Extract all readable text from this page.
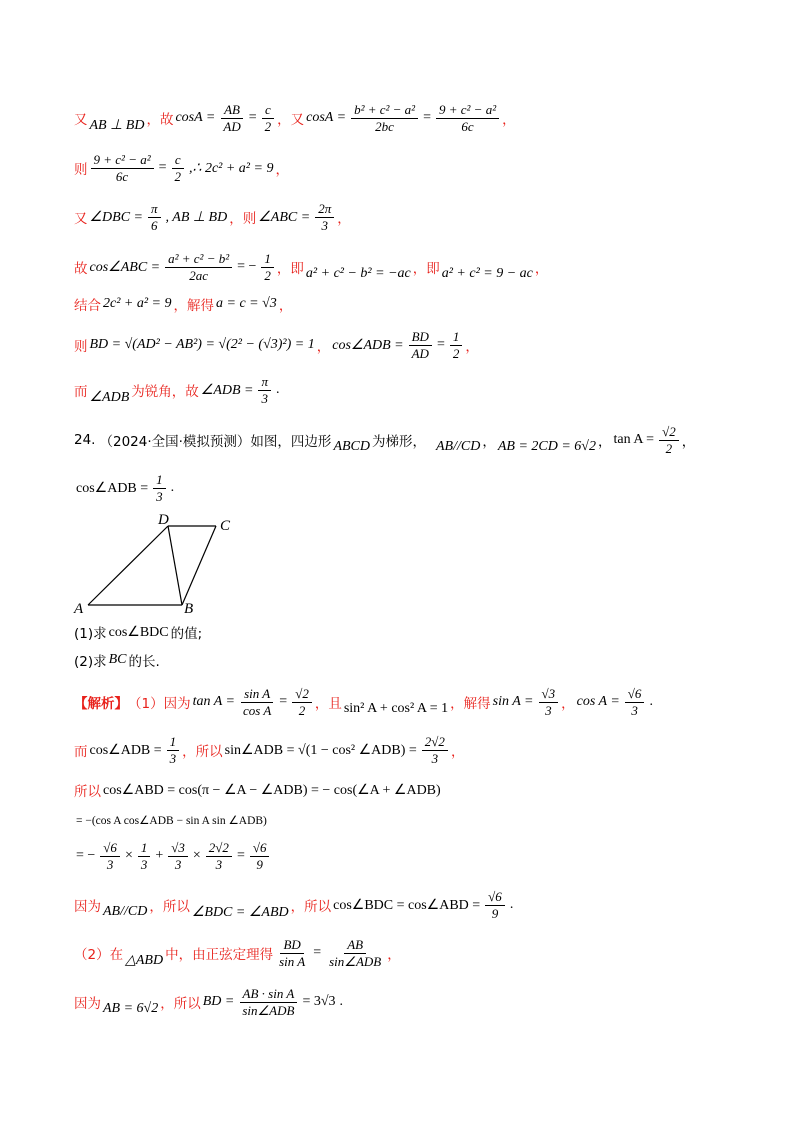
又 AB ⊥ BD ， 故 $\cos A = \frac{AB}{AD} = \frac{c}{2}$ ， 又 $\cos A = \frac{\text{b² + c² − a²}}{2bc} = \frac{\text{9 + c² − a²}}{6c}$ ，
则 $\frac{\text{9 + c² − a²}}{6c} = \frac{c}{2}$ ,∴ 2c² + a² = 9 ，
又 ∠DBC = $\frac{\pi}{6}$ , AB ⊥ BD ， 则 ∠ABC = $\frac{2\pi}{3}$ ，
故 cos∠ABC = $\frac{\text{a² + c² − b²}}{2ac}$ = − $\frac{1}{2}$ ， 即 a² + c² − b² = −ac ， 即 a² + c² = 9 − ac ，
结合 2c² + a² = 9 ， 解得 a = c = √3 ，
则 BD = √(AD² − AB²) = √(2² − (√3)²) = 1 ， cos∠ADB = $\frac{BD}{AD} = \frac{1}{2}$ ，
而 ∠ADB 为锐角， 故 ∠ADB = $\frac{\pi}{3}$ .
24. （2024·全国·模拟预测）如图，四边形 ABCD 为梯形， AB//CD ， AB = 2CD = 6√2 ， $\tan A = \frac{√2}{2}$ ，
cos∠ADB = $\frac{1}{3}$ .
A	B
C
D
(1)求 cos∠BDC 的值;
(2)求 BC 的长.
【解析】 （1）因为 $\tan A = \frac{\text{sin A}}{\text{cos A}} = \frac{√2}{2}$ ，且 sin² A + cos² A = 1 ，解得 $\sin A = \frac{√3}{3}$ ， $\cos A = \frac{√6}{3}$ .
而 cos∠ADB = $\frac{1}{3}$ ，所以 sin∠ADB = √(1 − cos² ∠ADB) = $\frac{2√2}{3}$ ，
所以 cos∠ABD = cos(π − ∠A − ∠ADB) = − cos(∠A + ∠ADB)
= −(cos A cos∠ADB − sin A sin ∠ADB)
= − $\frac{√6}{3} \times \frac{1}{3} + \frac{√3}{3} \times \frac{2√2}{3} = \frac{√6}{9}$
因为 AB//CD ，所以 ∠BDC = ∠ABD ，所以 cos∠BDC = cos∠ABD = $\frac{√6}{9}$ .
（2）在 △ABD 中，由正弦定理得 $\frac{BD}{\text{sin A}} = \frac{AB}{\text{sin∠ADB}}$ ，
因为 AB = 6√2 ，所以 BD = $\frac{\text{AB · sin A}}{\text{sin∠ADB}} = 3√3$ .
